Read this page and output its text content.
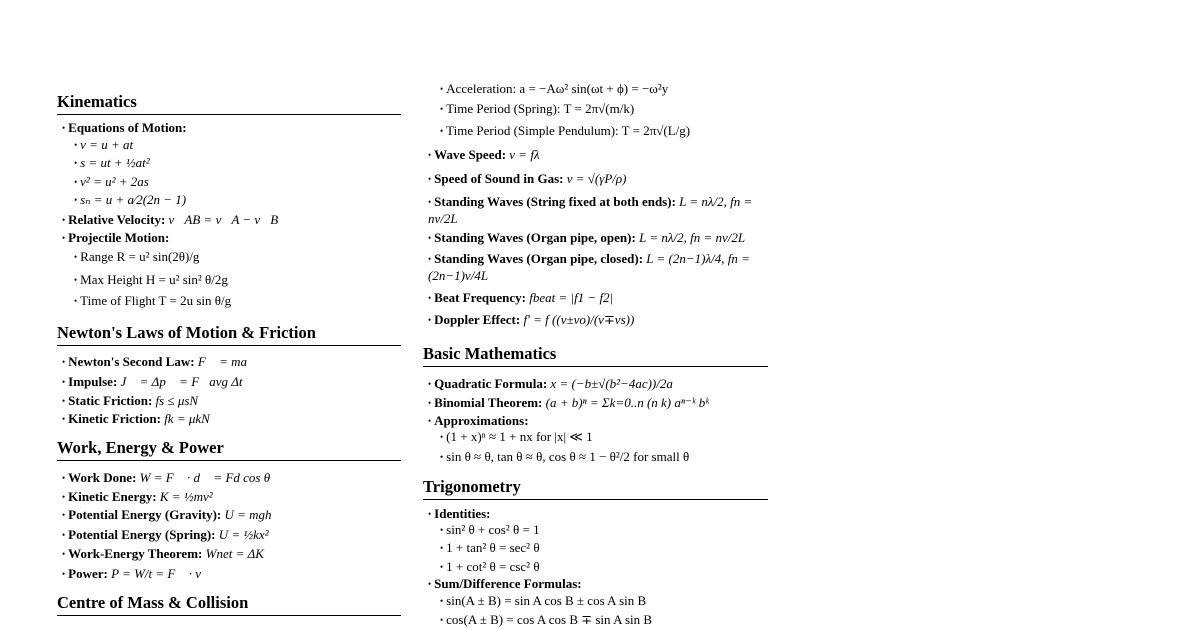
Kinematics
• Equations of Motion:
• v = u + at
• s = ut + ½at²
• v² = u² + 2as
• sₙ = u + a⁄2(2n − 1)
• Relative Velocity: v⃗AB = v⃗A − v⃗B
• Projectile Motion:
• Range R = u² sin(2θ)/g
• Max Height H = u² sin² θ/2g
• Time of Flight T = 2u sin θ/g
Newton's Laws of Motion & Friction
• Newton's Second Law: F⃗ = ma⃗
• Impulse: J⃗ = Δp⃗ = F⃗avg Δt
• Static Friction: fs ≤ μsN
• Kinetic Friction: fk = μkN
Work, Energy & Power
• Work Done: W = F⃗ · d⃗ = Fd cos θ
• Kinetic Energy: K = ½mv²
• Potential Energy (Gravity): U = mgh
• Potential Energy (Spring): U = ½kx²
• Work-Energy Theorem: Wnet = ΔK
• Power: P = W/t = F⃗ · v⃗
Centre of Mass & Collision
• Acceleration: a = −Aω² sin(ωt + ϕ) = −ω²y
• Time Period (Spring): T = 2π√(m/k)
• Time Period (Simple Pendulum): T = 2π√(L/g)
• Wave Speed: v = fλ
• Speed of Sound in Gas: v = √(γP/ρ)
• Standing Waves (String fixed at both ends): L = nλ/2, fn = nv/2L
• Standing Waves (Organ pipe, open): L = nλ/2, fn = nv/2L
• Standing Waves (Organ pipe, closed): L = (2n−1)λ/4, fn = (2n−1)v/4L
• Beat Frequency: fbeat = |f1 − f2|
• Doppler Effect: f′ = f ((v±vo)/(v∓vs))
Basic Mathematics
• Quadratic Formula: x = (−b±√(b²−4ac))/2a
• Binomial Theorem: (a + b)ⁿ = Σk=0..n (n k) aⁿ⁻ᵏ bᵏ
• Approximations:
• (1 + x)ⁿ ≈ 1 + nx for |x| ≪ 1
• sin θ ≈ θ, tan θ ≈ θ, cos θ ≈ 1 − θ²/2 for small θ
Trigonometry
• Identities:
• sin² θ + cos² θ = 1
• 1 + tan² θ = sec² θ
• 1 + cot² θ = csc² θ
• Sum/Difference Formulas:
• sin(A ± B) = sin A cos B ± cos A sin B
• cos(A ± B) = cos A cos B ∓ sin A sin B
